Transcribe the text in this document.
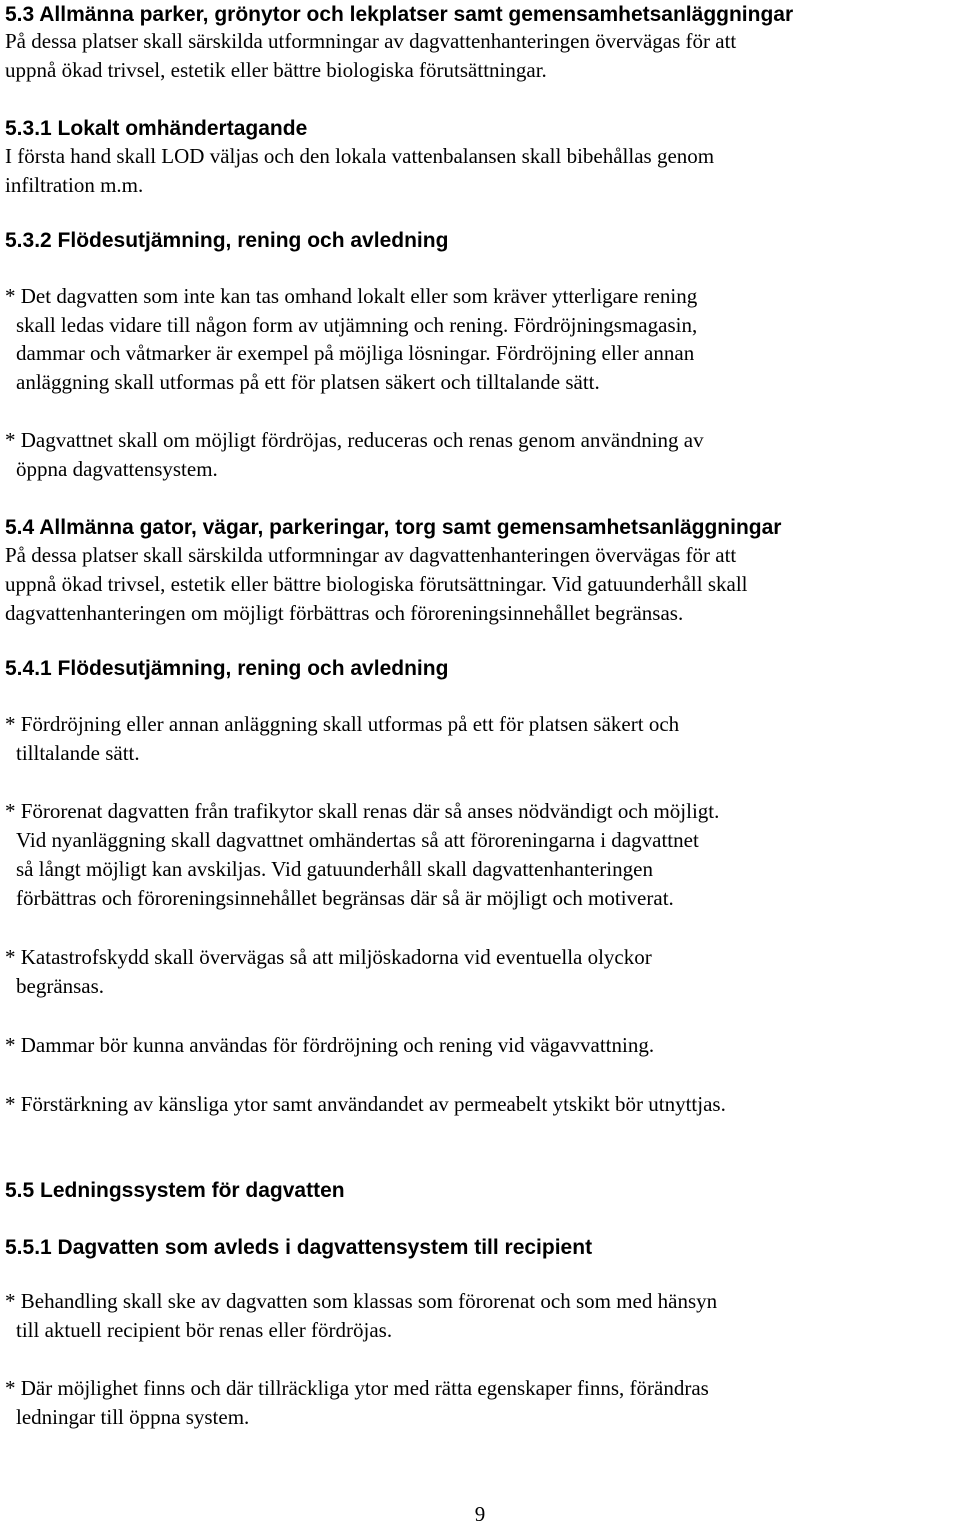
5.3 Allmänna parker, grönytor och lekplatser samt gemensamhetsanläggningar
På dessa platser skall särskilda utformningar av dagvattenhanteringen övervägas för att
uppnå ökad trivsel, estetik eller bättre biologiska förutsättningar.
5.3.1 Lokalt omhändertagande
I första hand skall LOD väljas och den lokala vattenbalansen skall bibehållas genom
infiltration m.m.
5.3.2 Flödesutjämning, rening och avledning
* Det dagvatten som inte kan tas omhand lokalt eller som kräver ytterligare rening
skall ledas vidare till någon form av utjämning och rening. Fördröjningsmagasin,
dammar och våtmarker är exempel på möjliga lösningar. Fördröjning eller annan
anläggning skall utformas på ett för platsen säkert och tilltalande sätt.
* Dagvattnet skall om möjligt fördröjas, reduceras och renas genom användning av
öppna dagvattensystem.
5.4 Allmänna gator, vägar, parkeringar, torg samt gemensamhetsanläggningar
På dessa platser skall särskilda utformningar av dagvattenhanteringen övervägas för att
uppnå ökad trivsel, estetik eller bättre biologiska förutsättningar. Vid gatuunderhåll skall
dagvattenhanteringen om möjligt förbättras och föroreningsinnehållet begränsas.
5.4.1 Flödesutjämning, rening och avledning
* Fördröjning eller annan anläggning skall utformas på ett för platsen säkert och
tilltalande sätt.
* Förorenat dagvatten från trafikytor skall renas där så anses nödvändigt och möjligt.
Vid nyanläggning skall dagvattnet omhändertas så att föroreningarna i dagvattnet
så långt möjligt kan avskiljas. Vid gatuunderhåll skall dagvattenhanteringen
förbättras och föroreningsinnehållet begränsas där så är möjligt och motiverat.
* Katastrofskydd skall övervägas så att miljöskadorna vid eventuella olyckor
begränsas.
* Dammar bör kunna användas för fördröjning och rening vid vägavvattning.
* Förstärkning av känsliga ytor samt användandet av permeabelt ytskikt bör utnyttjas.
5.5 Ledningssystem för dagvatten
5.5.1 Dagvatten som avleds i dagvattensystem till recipient
* Behandling skall ske av dagvatten som klassas som förorenat och som med hänsyn
till aktuell recipient bör renas eller fördröjas.
* Där möjlighet finns och där tillräckliga ytor med rätta egenskaper finns, förändras
ledningar till öppna system.
9
